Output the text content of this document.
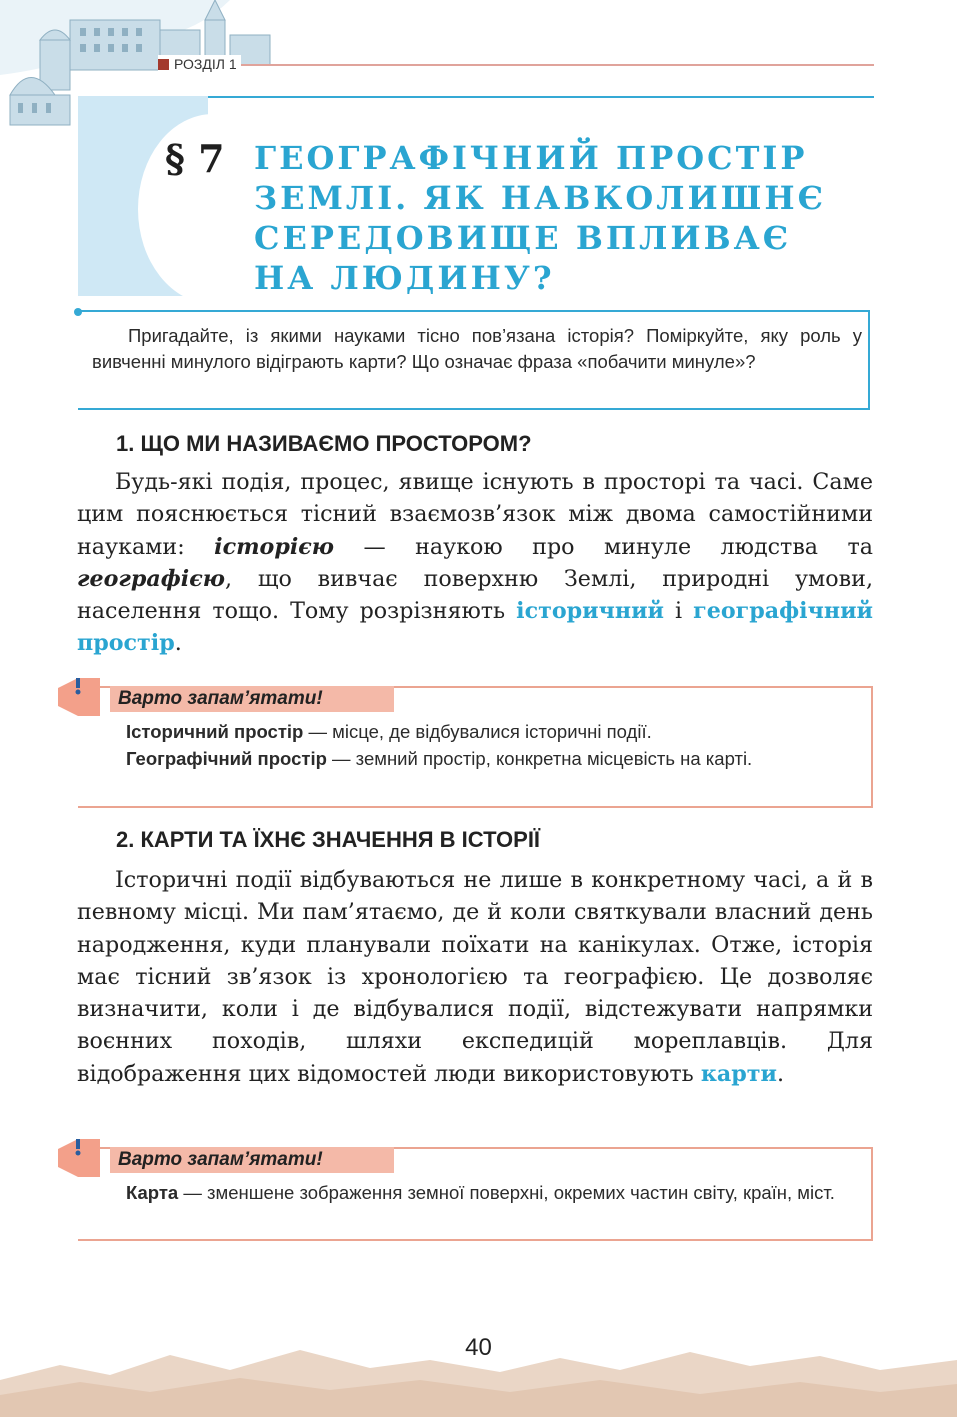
РОЗДІЛ 1
§ 7 ГЕОГРАФІЧНИЙ ПРОСТІР
ЗЕМЛІ. ЯК НАВКОЛИШНЄ
СЕРЕДОВИЩЕ ВПЛИВАЄ
НА ЛЮДИНУ?
Пригадайте, із якими науками тісно пов’язана історія? Поміркуйте, яку роль у вивченні минулого відіграють карти? Що означає фраза «побачити минуле»?
1. ЩО МИ НАЗИВАЄМО ПРОСТОРОМ?
Будь-які подія, процес, явище існують в просторі та часі. Саме цим пояснюється тісний взаємозв’язок між двома самостійними науками: історією — наукою про минуле людства та географією, що вивчає поверхню Землі, природні умови, населення тощо. Тому розрізняють історичний і географічний простір.
Варто запам’ятати!

Історичний простір — місце, де відбувалися історичні події.

Географічний простір — земний простір, конкретна місцевість на карті.

2. КАРТИ ТА ЇХНЄ ЗНАЧЕННЯ В ІСТОРІЇ
Історичні події відбуваються не лише в конкретному часі, а й в певному місці. Ми пам’ятаємо, де й коли святкували власний день народження, куди планували поїхати на канікулах. Отже, історія має тісний зв’язок із хронологією та географією. Це дозволяє визначити, коли і де відбувалися події, відстежувати напрямки воєнних походів, шляхи експедицій мореплавців. Для відображення цих відомостей люди використовують карти.
Варто запам’ятати!

Карта — зменшене зображення земної поверхні, окремих частин світу, країн, міст.

40
